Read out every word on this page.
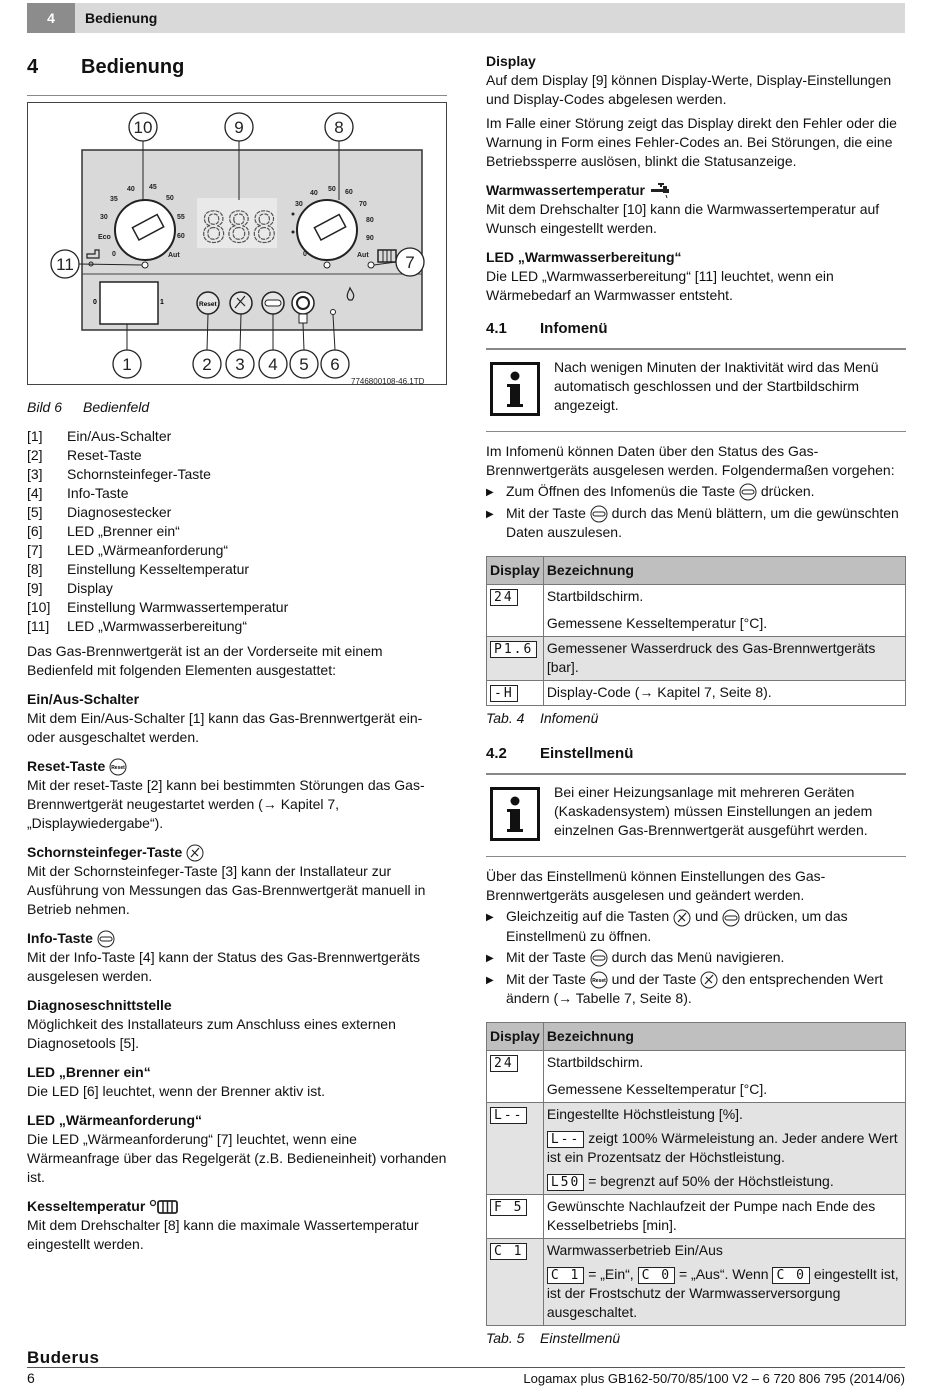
4	Bedienung
4	Bedienung
40 45
35	50
30	55
Eco	60
0	Aut
888
40
50 60
30	70
80
90
0	Aut
0	1	Reset
10	9	8
11	7
1	2 3 4 5 6
7746800108-46.1TD
Bild 6	Bedienfeld
[1]	Ein/Aus-Schalter
[2]	Reset-Taste
[3]	Schornsteinfeger-Taste
[4]	Info-Taste
[5]	Diagnosestecker
[6]	LED „Brenner ein“
[7]	LED „Wärmeanforderung“
[8]	Einstellung Kesseltemperatur
[9]	Display
[10]	Einstellung Warmwassertemperatur
[11]	LED „Warmwasserbereitung“

Das Gas-Brennwertgerät ist an der Vorderseite mit einem Bedienfeld mit folgenden Elementen ausgestattet:

Ein/Aus-Schalter

Mit dem Ein/Aus-Schalter [1] kann das Gas-Brennwertgerät ein- oder ausgeschaltet werden.

Reset-Taste Reset

Mit der reset-Taste [2] kann bei bestimmten Störungen das Gas-Brennwertgerät neugestartet werden (→ Kapitel 7, „Displaywiedergabe“).

Schornsteinfeger-Taste

Mit der Schornsteinfeger-Taste [3] kann der Installateur zur Ausführung von Messungen das Gas-Brennwertgerät manuell in Betrieb nehmen.

Info-Taste

Mit der Info-Taste [4] kann der Status des Gas-Brennwertgeräts ausgelesen werden.

Diagnoseschnittstelle

Möglichkeit des Installateurs zum Anschluss eines externen Diagnosetools [5].

LED „Brenner ein“

Die LED [6] leuchtet, wenn der Brenner aktiv ist.

LED „Wärmeanforderung“

Die LED „Wärmeanforderung“ [7] leuchtet, wenn eine Wärmeanfrage über das Regelgerät (z.B. Bedieneinheit) vorhanden ist.

Kesseltemperatur

Mit dem Drehschalter [8] kann die maximale Wassertemperatur eingestellt werden.

Display

Auf dem Display [9] können Display-Werte, Display-Einstellungen und Display-Codes abgelesen werden.

Im Falle einer Störung zeigt das Display direkt den Fehler oder die Warnung in Form eines Fehler-Codes an. Bei Störungen, die eine Betriebssperre auslösen, blinkt die Statusanzeige.

Warmwassertemperatur

Mit dem Drehschalter [10] kann die Warmwassertemperatur auf Wunsch eingestellt werden.

LED „Warmwasserbereitung“

Die LED „Warmwasserbereitung“ [11] leuchtet, wenn ein Wärmebedarf an Warmwasser entsteht.

4.1	Infomenü
Nach wenigen Minuten der Inaktivität wird das Menü automatisch geschlossen und der Startbildschirm angezeigt.

Im Infomenü können Daten über den Status des Gas-Brennwertgeräts ausgelesen werden. Folgendermaßen vorgehen:

▶ Zum Öffnen des Infomenüs die Taste drücken.
▶ Mit der Taste durch das Menü blättern, um die gewünschten Daten auszulesen.
Display	Bezeichnung
24	Startbildschirm.
	Gemessene Kesseltemperatur [°C].
P1.6	Gemessener Wasserdruck des Gas-Brennwertgeräts [bar].
-H	Display-Code (→ Kapitel 7, Seite 8).
Tab. 4	Infomenü
4.2	Einstellmenü
Bei einer Heizungsanlage mit mehreren Geräten (Kaskadensystem) müssen Einstellungen an jedem einzelnen Gas-Brennwertgerät ausgeführt werden.

Über das Einstellmenü können Einstellungen des Gas-Brennwertgeräts ausgelesen und geändert werden.

▶ Gleichzeitig auf die Tasten und drücken, um das Einstellmenü zu öffnen.
▶ Mit der Taste durch das Menü navigieren.
▶ Mit der Taste Reset und der Taste den entsprechenden Wert ändern (→ Tabelle 7, Seite 8).
Display	Bezeichnung
24	Startbildschirm.
	Gemessene Kesseltemperatur [°C].
L--	Eingestellte Höchstleistung [%].
	L-- zeigt 100% Wärmeleistung an. Jeder andere Wert ist ein Prozentsatz der Höchstleistung.
	L50 = begrenzt auf 50% der Höchstleistung.
F 5	Gewünschte Nachlaufzeit der Pumpe nach Ende des Kesselbetriebs [min].
C 1	Warmwasserbetrieb Ein/Aus
	C 1 = „Ein“, C 0 = „Aus“. Wenn C 0 eingestellt ist, ist der Frostschutz der Warmwasserversorgung ausgeschaltet.
Tab. 5	Einstellmenü
Buderus
6	Logamax plus GB162-50/70/85/100 V2 – 6 720 806 795 (2014/06)
